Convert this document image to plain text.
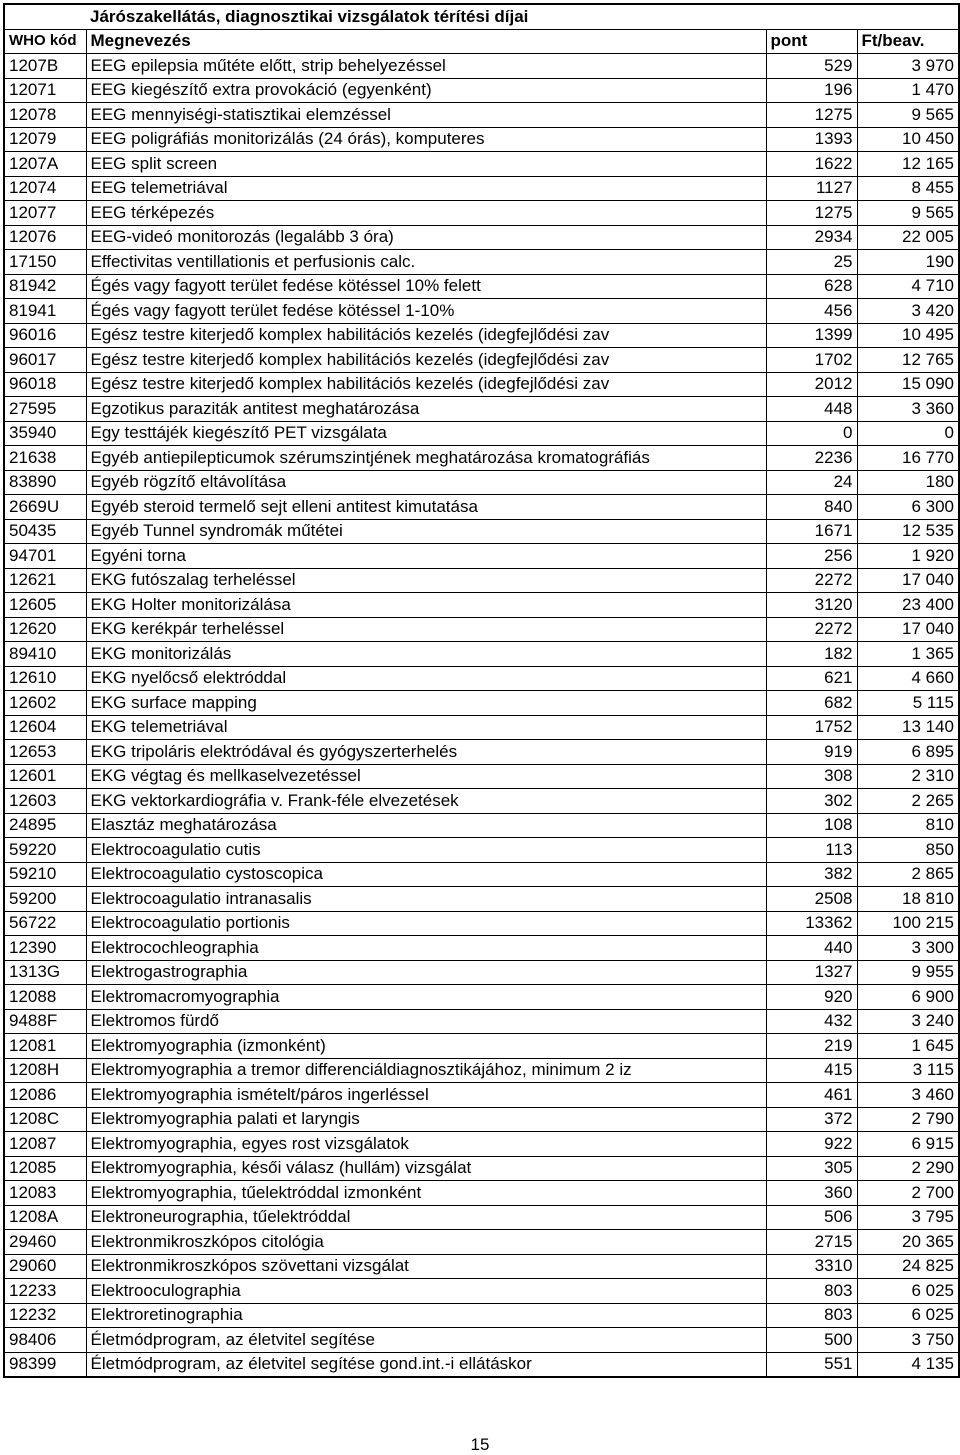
	Járószakellátás, diagnosztikai vizsgálatok térítési díjai		
WHO kód	Megnevezés	pont	Ft/beav.
1207B	EEG epilepsia műtéte előtt, strip behelyezéssel	529	3 970
12071	EEG kiegészítő extra provokáció (egyenként)	196	1 470
12078	EEG mennyiségi-statisztikai elemzéssel	1275	9 565
12079	EEG poligráfiás monitorizálás (24 órás), komputeres	1393	10 450
1207A	EEG split screen	1622	12 165
12074	EEG telemetriával	1127	8 455
12077	EEG térképezés	1275	9 565
12076	EEG-videó monitorozás (legalább 3 óra)	2934	22 005
17150	Effectivitas ventillationis et perfusionis calc.	25	190
81942	Égés vagy fagyott terület fedése kötéssel 10% felett	628	4 710
81941	Égés vagy fagyott terület fedése kötéssel 1-10%	456	3 420
96016	Egész testre kiterjedő komplex habilitációs kezelés (idegfejlődési zav	1399	10 495
96017	Egész testre kiterjedő komplex habilitációs kezelés (idegfejlődési zav	1702	12 765
96018	Egész testre kiterjedő komplex habilitációs kezelés (idegfejlődési zav	2012	15 090
27595	Egzotikus paraziták antitest meghatározása	448	3 360
35940	Egy testtájék kiegészítő PET vizsgálata	0	0
21638	Egyéb antiepilepticumok szérumszintjének meghatározása kromatográfiás	2236	16 770
83890	Egyéb rögzítő eltávolítása	24	180
2669U	Egyéb steroid termelő sejt elleni antitest kimutatása	840	6 300
50435	Egyéb Tunnel syndromák műtétei	1671	12 535
94701	Egyéni torna	256	1 920
12621	EKG futószalag terheléssel	2272	17 040
12605	EKG Holter monitorizálása	3120	23 400
12620	EKG kerékpár terheléssel	2272	17 040
89410	EKG monitorizálás	182	1 365
12610	EKG nyelőcső elektróddal	621	4 660
12602	EKG surface mapping	682	5 115
12604	EKG telemetriával	1752	13 140
12653	EKG tripoláris elektródával és gyógyszerterhelés	919	6 895
12601	EKG végtag és mellkaselvezetéssel	308	2 310
12603	EKG vektorkardiográfia v. Frank-féle elvezetések	302	2 265
24895	Elasztáz meghatározása	108	810
59220	Elektrocoagulatio cutis	113	850
59210	Elektrocoagulatio cystoscopica	382	2 865
59200	Elektrocoagulatio intranasalis	2508	18 810
56722	Elektrocoagulatio portionis	13362	100 215
12390	Elektrocochleographia	440	3 300
1313G	Elektrogastrographia	1327	9 955
12088	Elektromacromyographia	920	6 900
9488F	Elektromos fürdő	432	3 240
12081	Elektromyographia (izmonként)	219	1 645
1208H	Elektromyographia a tremor differenciáldiagnosztikájához, minimum 2 iz	415	3 115
12086	Elektromyographia ismételt/páros ingerléssel	461	3 460
1208C	Elektromyographia palati et laryngis	372	2 790
12087	Elektromyographia, egyes rost vizsgálatok	922	6 915
12085	Elektromyographia, késői válasz (hullám) vizsgálat	305	2 290
12083	Elektromyographia, tűelektróddal izmonként	360	2 700
1208A	Elektroneurographia, tűelektróddal	506	3 795
29460	Elektronmikroszkópos citológia	2715	20 365
29060	Elektronmikroszkópos szövettani vizsgálat	3310	24 825
12233	Elektrooculographia	803	6 025
12232	Elektroretinographia	803	6 025
98406	Életmódprogram, az életvitel segítése	500	3 750
98399	Életmódprogram, az életvitel segítése gond.int.-i ellátáskor	551	4 135
15
